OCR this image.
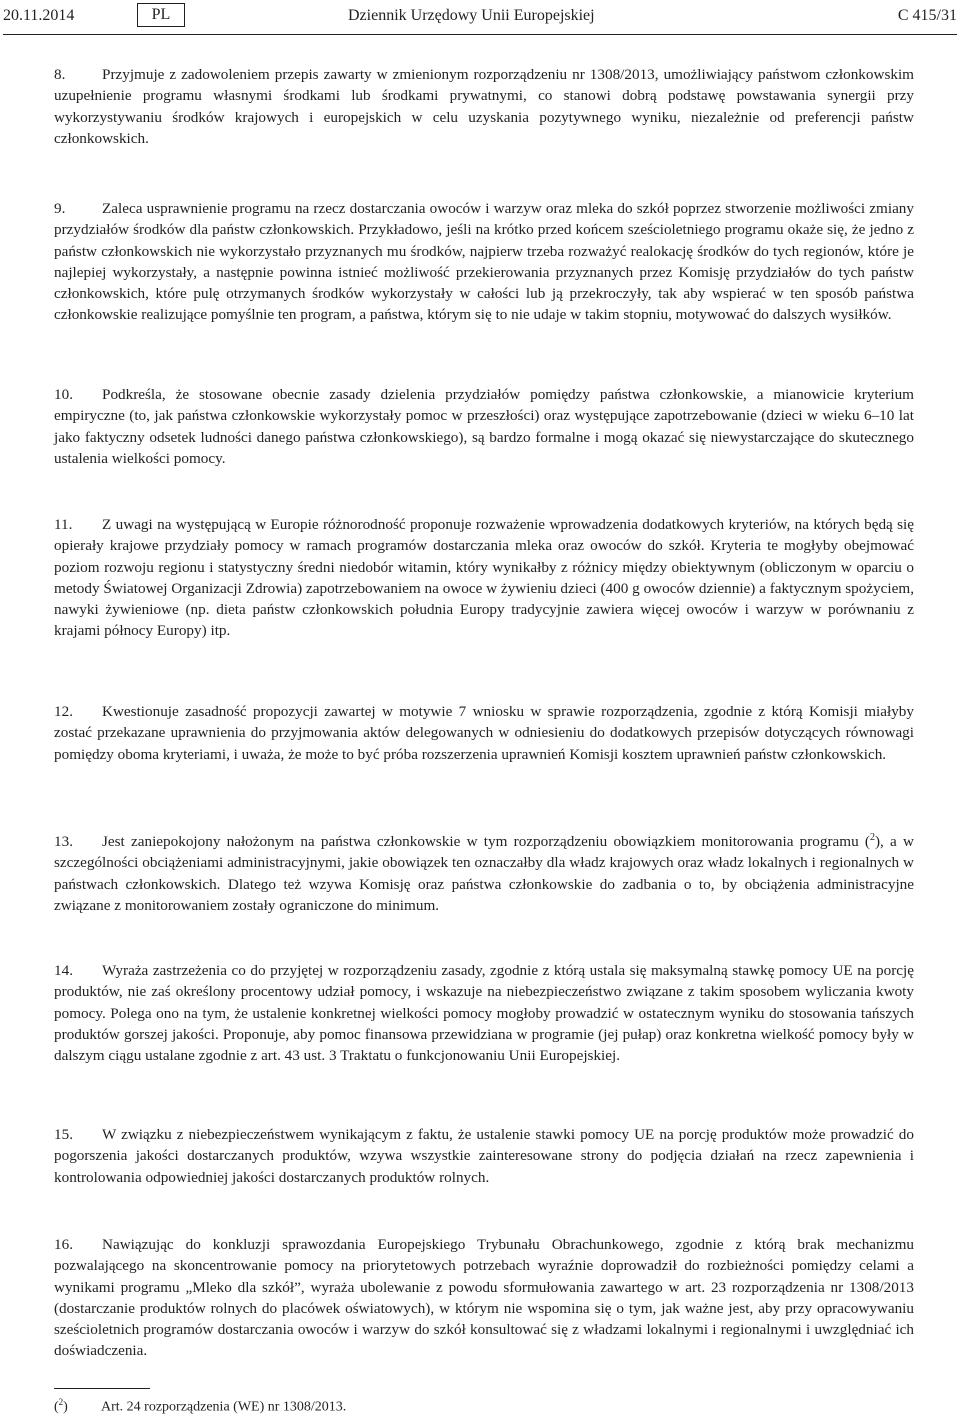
20.11.2014	PL	Dziennik Urzędowy Unii Europejskiej	C 415/31

8. Przyjmuje z zadowoleniem przepis zawarty w zmienionym rozporządzeniu nr 1308/2013, umożliwiający państwom członkowskim uzupełnienie programu własnymi środkami lub środkami prywatnymi, co stanowi dobrą podstawę powstawania synergii przy wykorzystywaniu środków krajowych i europejskich w celu uzyskania pozytywnego wyniku, niezależnie od preferencji państw członkowskich.

9. Zaleca usprawnienie programu na rzecz dostarczania owoców i warzyw oraz mleka do szkół poprzez stworzenie możliwości zmiany przydziałów środków dla państw członkowskich. Przykładowo, jeśli na krótko przed końcem sześcioletniego programu okaże się, że jedno z państw członkowskich nie wykorzystało przyznanych mu środków, najpierw trzeba rozważyć realokację środków do tych regionów, które je najlepiej wykorzystały, a następnie powinna istnieć możliwość przekierowania przyznanych przez Komisję przydziałów do tych państw członkowskich, które pulę otrzymanych środków wykorzystały w całości lub ją przekroczyły, tak aby wspierać w ten sposób państwa członkowskie realizujące pomyślnie ten program, a państwa, którym się to nie udaje w takim stopniu, motywować do dalszych wysiłków.

10. Podkreśla, że stosowane obecnie zasady dzielenia przydziałów pomiędzy państwa członkowskie, a mianowicie kryterium empiryczne (to, jak państwa członkowskie wykorzystały pomoc w przeszłości) oraz występujące zapotrzebowanie (dzieci w wieku 6–10 lat jako faktyczny odsetek ludności danego państwa członkowskiego), są bardzo formalne i mogą okazać się niewystarczające do skutecznego ustalenia wielkości pomocy.

11. Z uwagi na występującą w Europie różnorodność proponuje rozważenie wprowadzenia dodatkowych kryteriów, na których będą się opierały krajowe przydziały pomocy w ramach programów dostarczania mleka oraz owoców do szkół. Kryteria te mogłyby obejmować poziom rozwoju regionu i statystyczny średni niedobór witamin, który wynikałby z różnicy między obiektywnym (obliczonym w oparciu o metody Światowej Organizacji Zdrowia) zapotrzebowaniem na owoce w żywieniu dzieci (400 g owoców dziennie) a faktycznym spożyciem, nawyki żywieniowe (np. dieta państw członkowskich południa Europy tradycyjnie zawiera więcej owoców i warzyw w porównaniu z krajami północy Europy) itp.

12. Kwestionuje zasadność propozycji zawartej w motywie 7 wniosku w sprawie rozporządzenia, zgodnie z którą Komisji miałyby zostać przekazane uprawnienia do przyjmowania aktów delegowanych w odniesieniu do dodatkowych przepisów dotyczących równowagi pomiędzy oboma kryteriami, i uważa, że może to być próba rozszerzenia uprawnień Komisji kosztem uprawnień państw członkowskich.

13. Jest zaniepokojony nałożonym na państwa członkowskie w tym rozporządzeniu obowiązkiem monitorowania programu ($^2$), a w szczególności obciążeniami administracyjnymi, jakie obowiązek ten oznaczałby dla władz krajowych oraz władz lokalnych i regionalnych w państwach członkowskich. Dlatego też wzywa Komisję oraz państwa członkowskie do zadbania o to, by obciążenia administracyjne związane z monitorowaniem zostały ograniczone do minimum.

14. Wyraża zastrzeżenia co do przyjętej w rozporządzeniu zasady, zgodnie z którą ustala się maksymalną stawkę pomocy UE na porcję produktów, nie zaś określony procentowy udział pomocy, i wskazuje na niebezpieczeństwo związane z takim sposobem wyliczania kwoty pomocy. Polega ono na tym, że ustalenie konkretnej wielkości pomocy mogłoby prowadzić w ostatecznym wyniku do stosowania tańszych produktów gorszej jakości. Proponuje, aby pomoc finansowa przewidziana w programie (jej pułap) oraz konkretna wielkość pomocy były w dalszym ciągu ustalane zgodnie z art. 43 ust. 3 Traktatu o funkcjonowaniu Unii Europejskiej.

15. W związku z niebezpieczeństwem wynikającym z faktu, że ustalenie stawki pomocy UE na porcję produktów może prowadzić do pogorszenia jakości dostarczanych produktów, wzywa wszystkie zainteresowane strony do podjęcia działań na rzecz zapewnienia i kontrolowania odpowiedniej jakości dostarczanych produktów rolnych.

16. Nawiązując do konkluzji sprawozdania Europejskiego Trybunału Obrachunkowego, zgodnie z którą brak mechanizmu pozwalającego na skoncentrowanie pomocy na priorytetowych potrzebach wyraźnie doprowadził do rozbieżności pomiędzy celami a wynikami programu „Mleko dla szkół”, wyraża ubolewanie z powodu sformułowania zawartego w art. 23 rozporządzenia nr 1308/2013 (dostarczanie produktów rolnych do placówek oświatowych), w którym nie wspomina się o tym, jak ważne jest, aby przy opracowywaniu sześcioletnich programów dostarczania owoców i warzyw do szkół konsultować się z władzami lokalnymi i regionalnymi i uwzględniać ich doświadczenia.

($^2$) Art. 24 rozporządzenia (WE) nr 1308/2013.
